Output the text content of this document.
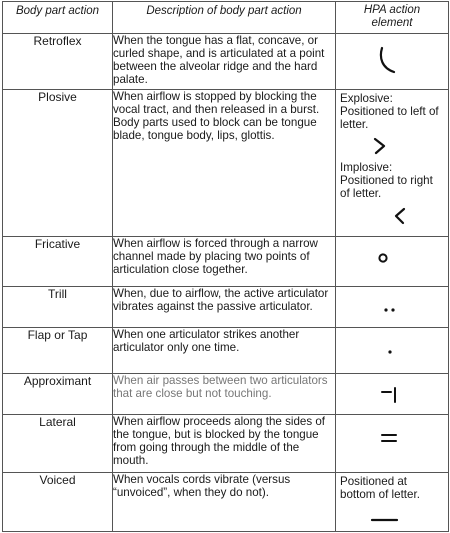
Body part action	Description of body part action	HPA action element
Retroflex	When the tongue has a flat, concave, or curled shape, and is articulated at a point between the alveolar ridge and the hard palate.	

Plosive	When airflow is stopped by blocking the vocal tract, and then released in a burst. Body parts used to block can be tongue blade, tongue body, lips, glottis.	Explosive: Positioned to left of letter.
Implosive: Positioned to right of letter.

Fricative	When airflow is forced through a narrow channel made by placing two points of articulation close together.	

Trill	When, due to airflow, the active articulator vibrates against the passive articulator.	

Flap or Tap	When one articulator strikes another articulator only one time.	

Approximant	When air passes between two articulators that are close but not touching.	

Lateral	When airflow proceeds along the sides of the tongue, but is blocked by the tongue from going through the middle of the mouth.	

Voiced	When vocals cords vibrate (versus “unvoiced”, when they do not).	Positioned at bottom of letter.
